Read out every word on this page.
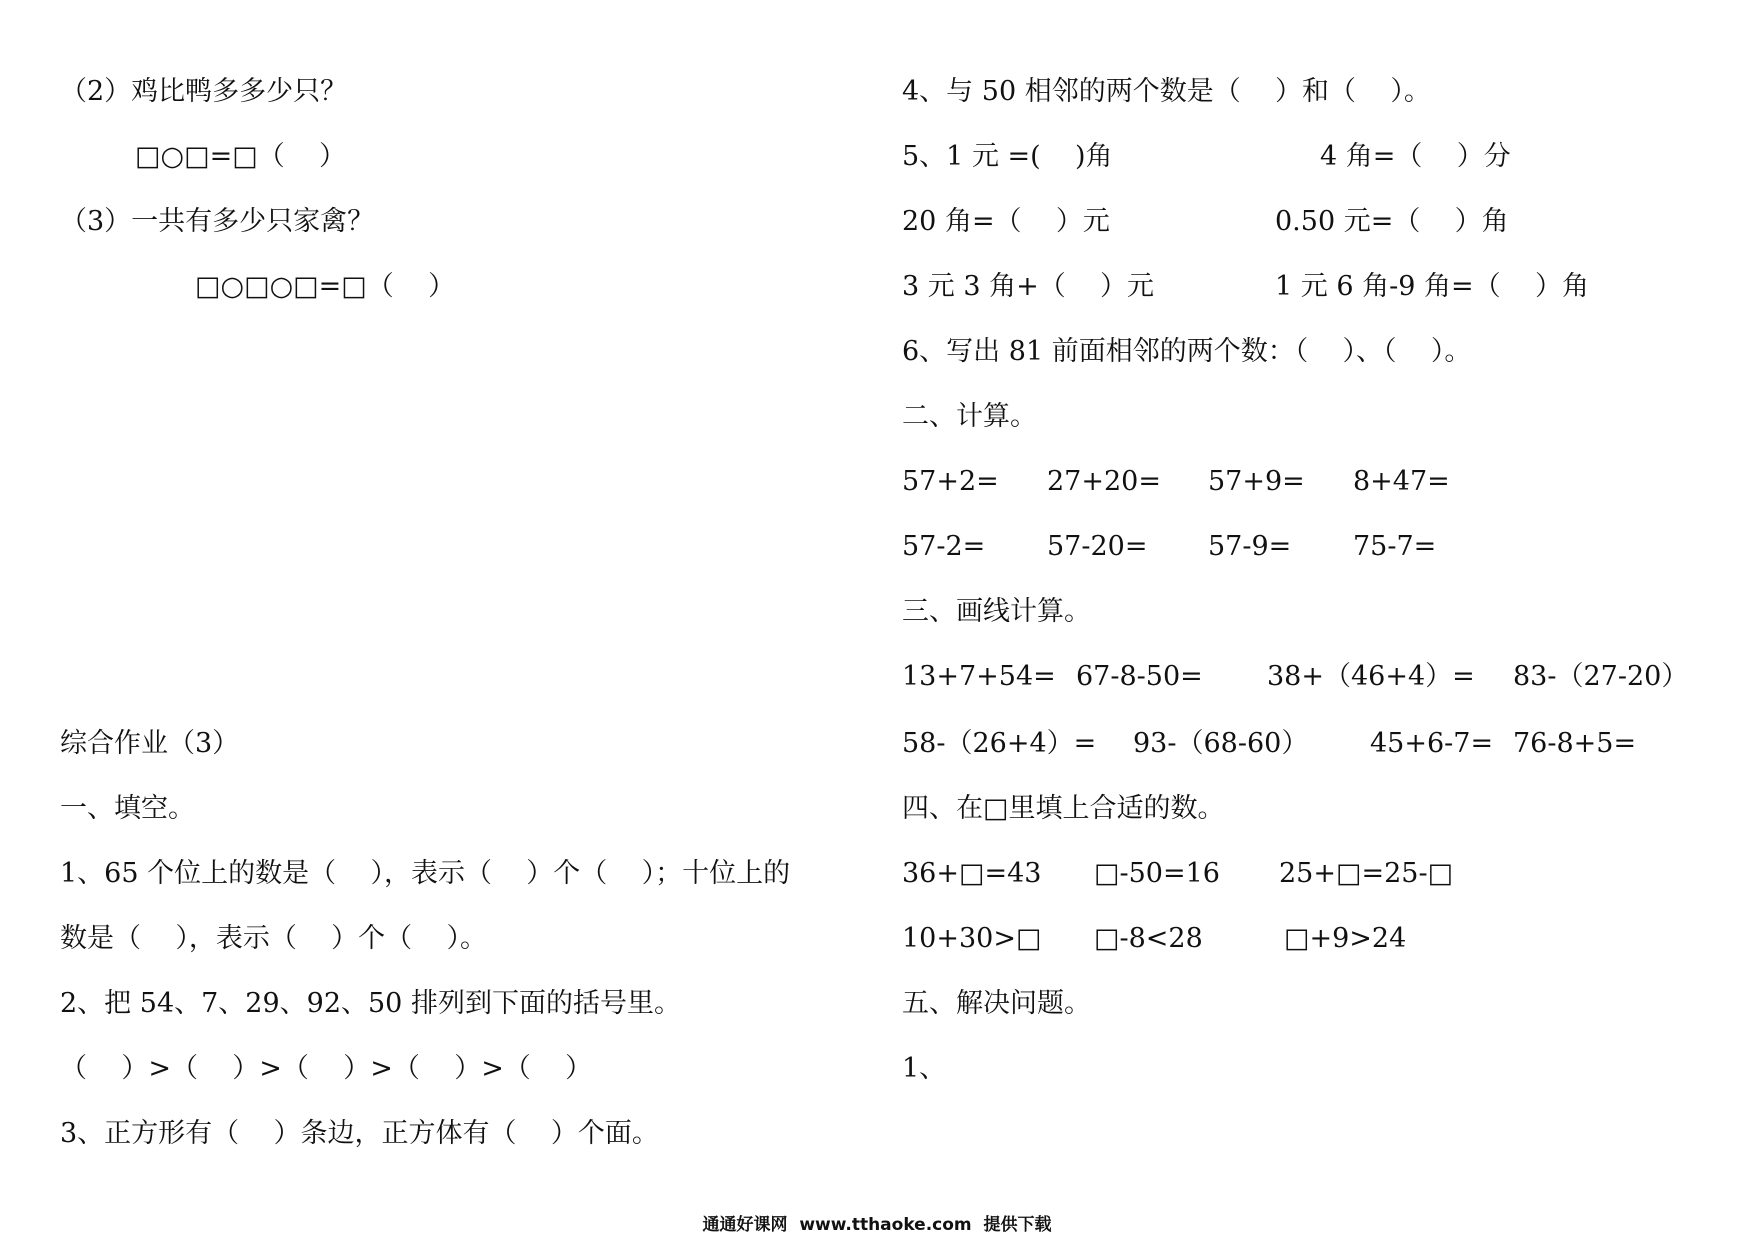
（2）鸡比鸭多多少只？
□○□=□（    ）
（3）一共有多少只家禽？
□○□○□=□（    ）
综合作业（3）
一、填空。
1、65 个位上的数是（    ），表示（    ）个（    ）；十位上的
数是（    ），表示（    ）个（    ）。
2、把 54、7、29、92、50 排列到下面的括号里。
（    ）>（    ）>（    ）>（    ）>（    ）
3、正方形有（    ）条边，正方体有（    ）个面。
4、与 50 相邻的两个数是（    ）和（    ）。
5、1 元 =(    )角	4 角=（    ）分
20 角=（    ）元	0.50 元=（    ）角
3 元 3 角+（    ）元	1 元 6 角-9 角=（    ）角
6、写出 81 前面相邻的两个数：（    ）、（    ）。
二、计算。
57+2= 27+20= 57+9= 8+47=
57-2= 57-20= 57-9= 75-7=
三、画线计算。
13+7+54= 67-8-50= 38+（46+4）= 83-（27-20）
58-（26+4）= 93-（68-60） 45+6-7= 76-8+5=
四、在□里填上合适的数。
36+□=43 □-50=16 25+□=25-□
10+30>□ □-8<28	□+9>24
五、解决问题。
1、
通通好课网  www.tthaoke.com  提供下载
